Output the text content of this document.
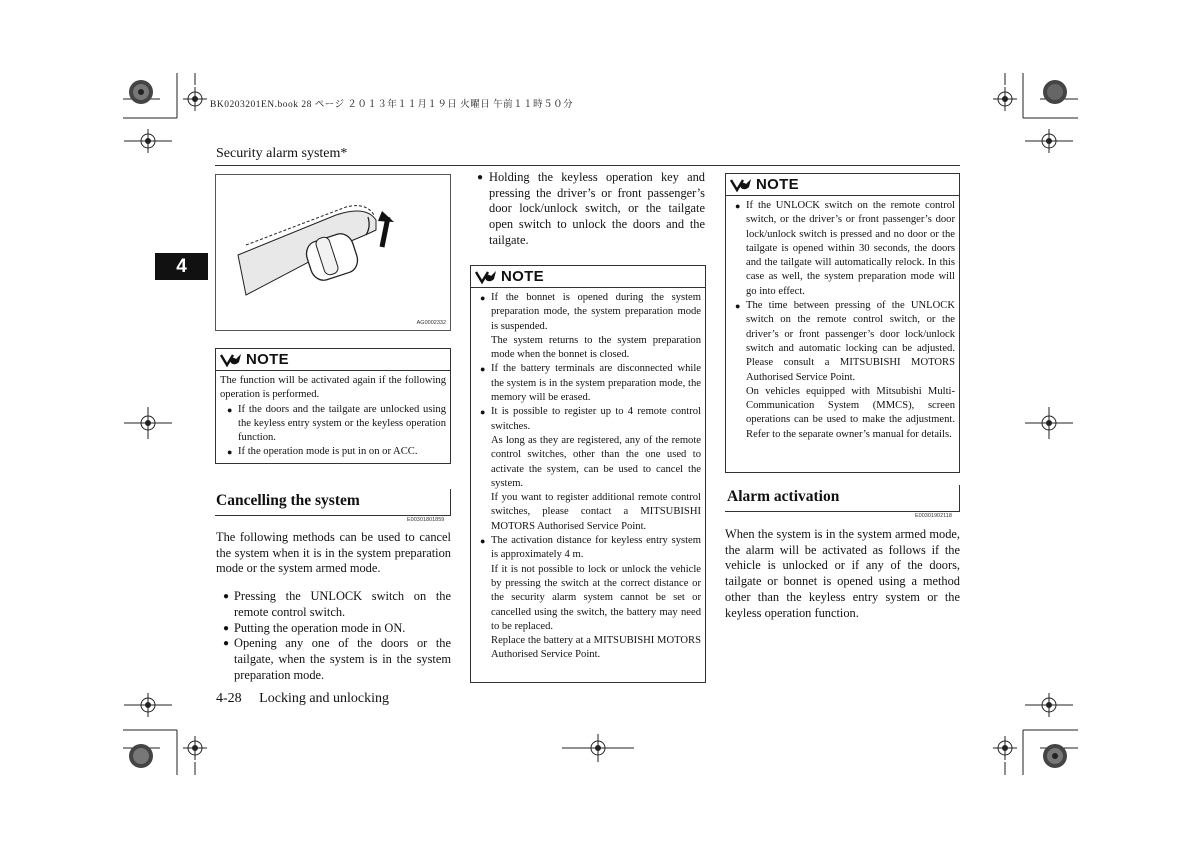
BK0203201EN.book 28 ページ ２０１３年１１月１９日 火曜日 午前１１時５０分
Security alarm system*
4
AG0002332
NOTE

The function will be activated again if the following operation is performed.

● If the doors and the tailgate are unlocked using the keyless entry system or the keyless operation function.

● If the operation mode is put in on or ACC.

Cancelling the system
E00301801859

The following methods can be used to cancel the system when it is in the system preparation mode or the system armed mode.

● Pressing the UNLOCK switch on the remote control switch.

● Putting the operation mode in ON.

● Opening any one of the doors or the tailgate, when the system is in the system preparation mode.

● Holding the keyless operation key and pressing the driver’s or front passenger’s door lock/unlock switch, or the tailgate open switch to unlock the doors and the tailgate.

NOTE

● If the bonnet is opened during the system preparation mode, the system preparation mode is suspended.

The system returns to the system preparation mode when the bonnet is closed.

● If the battery terminals are disconnected while the system is in the system preparation mode, the memory will be erased.

● It is possible to register up to 4 remote control switches.

As long as they are registered, any of the remote control switches, other than the one used to activate the system, can be used to cancel the system.

If you want to register additional remote control switches, please contact a MITSUBISHI MOTORS Authorised Service Point.

● The activation distance for keyless entry system is approximately 4 m.

If it is not possible to lock or unlock the vehicle by pressing the switch at the correct distance or the security alarm system cannot be set or cancelled using the switch, the battery may need to be replaced.

Replace the battery at a MITSUBISHI MOTORS Authorised Service Point.

NOTE

● If the UNLOCK switch on the remote control switch, or the driver’s or front passenger’s door lock/unlock switch is pressed and no door or the tailgate is opened within 30 seconds, the doors and the tailgate will automatically relock. In this case as well, the system preparation mode will go into effect.

● The time between pressing of the UNLOCK switch on the remote control switch, or the driver’s or front passenger’s door lock/unlock switch and automatic locking can be adjusted. Please consult a MITSUBISHI MOTORS Authorised Service Point.

On vehicles equipped with Mitsubishi Multi-Communication System (MMCS), screen operations can be used to make the adjustment. Refer to the separate owner’s manual for details.

Alarm activation
E00301902118
When the system is in the system armed mode, the alarm will be activated as follows if the vehicle is unlocked or if any of the doors, tailgate or bonnet is opened using a method other than the keyless entry system or the keyless operation function.
4-28 Locking and unlocking
